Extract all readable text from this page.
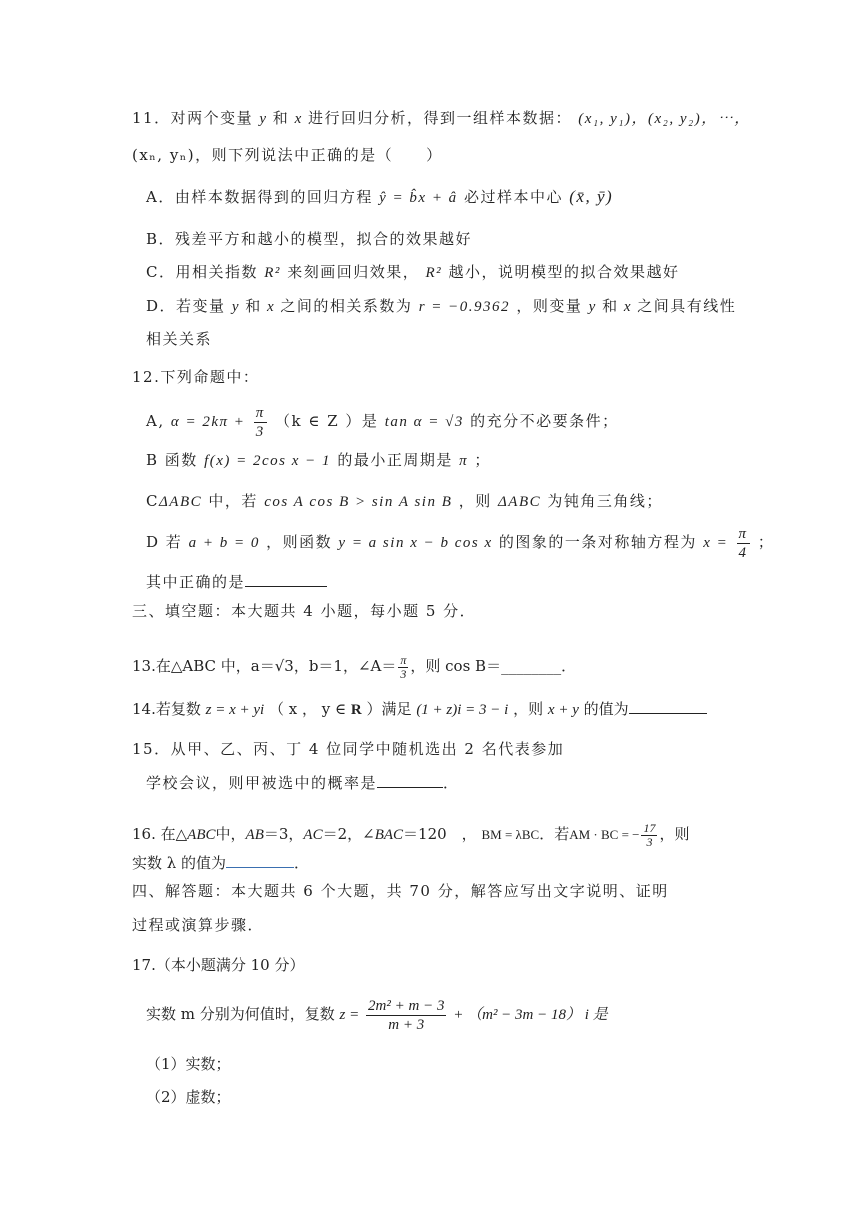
11．对两个变量 y 和 x 进行回归分析，得到一组样本数据： (x₁, y₁)，(x₂, y₂)，⋯，
(xₙ, yₙ)，则下列说法中正确的是（　　）
A．由样本数据得到的回归方程 ŷ = b̂x + â 必过样本中心 (x̄, ȳ)
B．残差平方和越小的模型，拟合的效果越好
C．用相关指数 R² 来刻画回归效果， R² 越小，说明模型的拟合效果越好
D．若变量 y 和 x 之间的相关系数为 r = −0.9362 ，则变量 y 和 x 之间具有线性
相关关系
12.下列命题中：
A, $\alpha = 2k\pi + \frac{\pi}{3} (k$ ∈ Z ）是 tan α = √3 的充分不必要条件；
B 函数 f(x) = 2cos x − 1 的最小正周期是 π ；
CΔABC 中，若 cos A cos B > sin A sin B ，则 ΔABC 为钝角三角线；
D 若 a + b = 0 ，则函数 y = a sin x − b cos x 的图象的一条对称轴方程为 $x = \frac{\pi}{4}$ ；
其中正确的是
三、填空题：本大题共 4 小题，每小题 5 分．
13.在△ABC 中，a＝√3，b＝1，∠A＝ $\frac{\pi}{3}$ ，则 cos B＝________．
14.若复数 z = x + yi （ x ， y ∈ R ）满足 (1 + z)i = 3 − i ，则 x + y 的值为
15．从甲、乙、丙、丁 4 位同学中随机选出 2 名代表参加
学校会议，则甲被选中的概率是	．
16. 在△ABC中，AB＝3，AC＝2，∠BAC＝120　， BM = λBC．若AM · BC = − $\frac{17}{3}$ ，则
实数 λ 的值为	．
四、解答题：本大题共 6 个大题，共 70 分，解答应写出文字说明、证明
过程或演算步骤．
17.（本小题满分 10 分）
实数 m 分别为何值时，复数 $z = \frac{\text{2m² + m − 3}}{m + 3} + (m^2 - 3m - 18)$ i 是
（1）实数；
（2）虚数；
